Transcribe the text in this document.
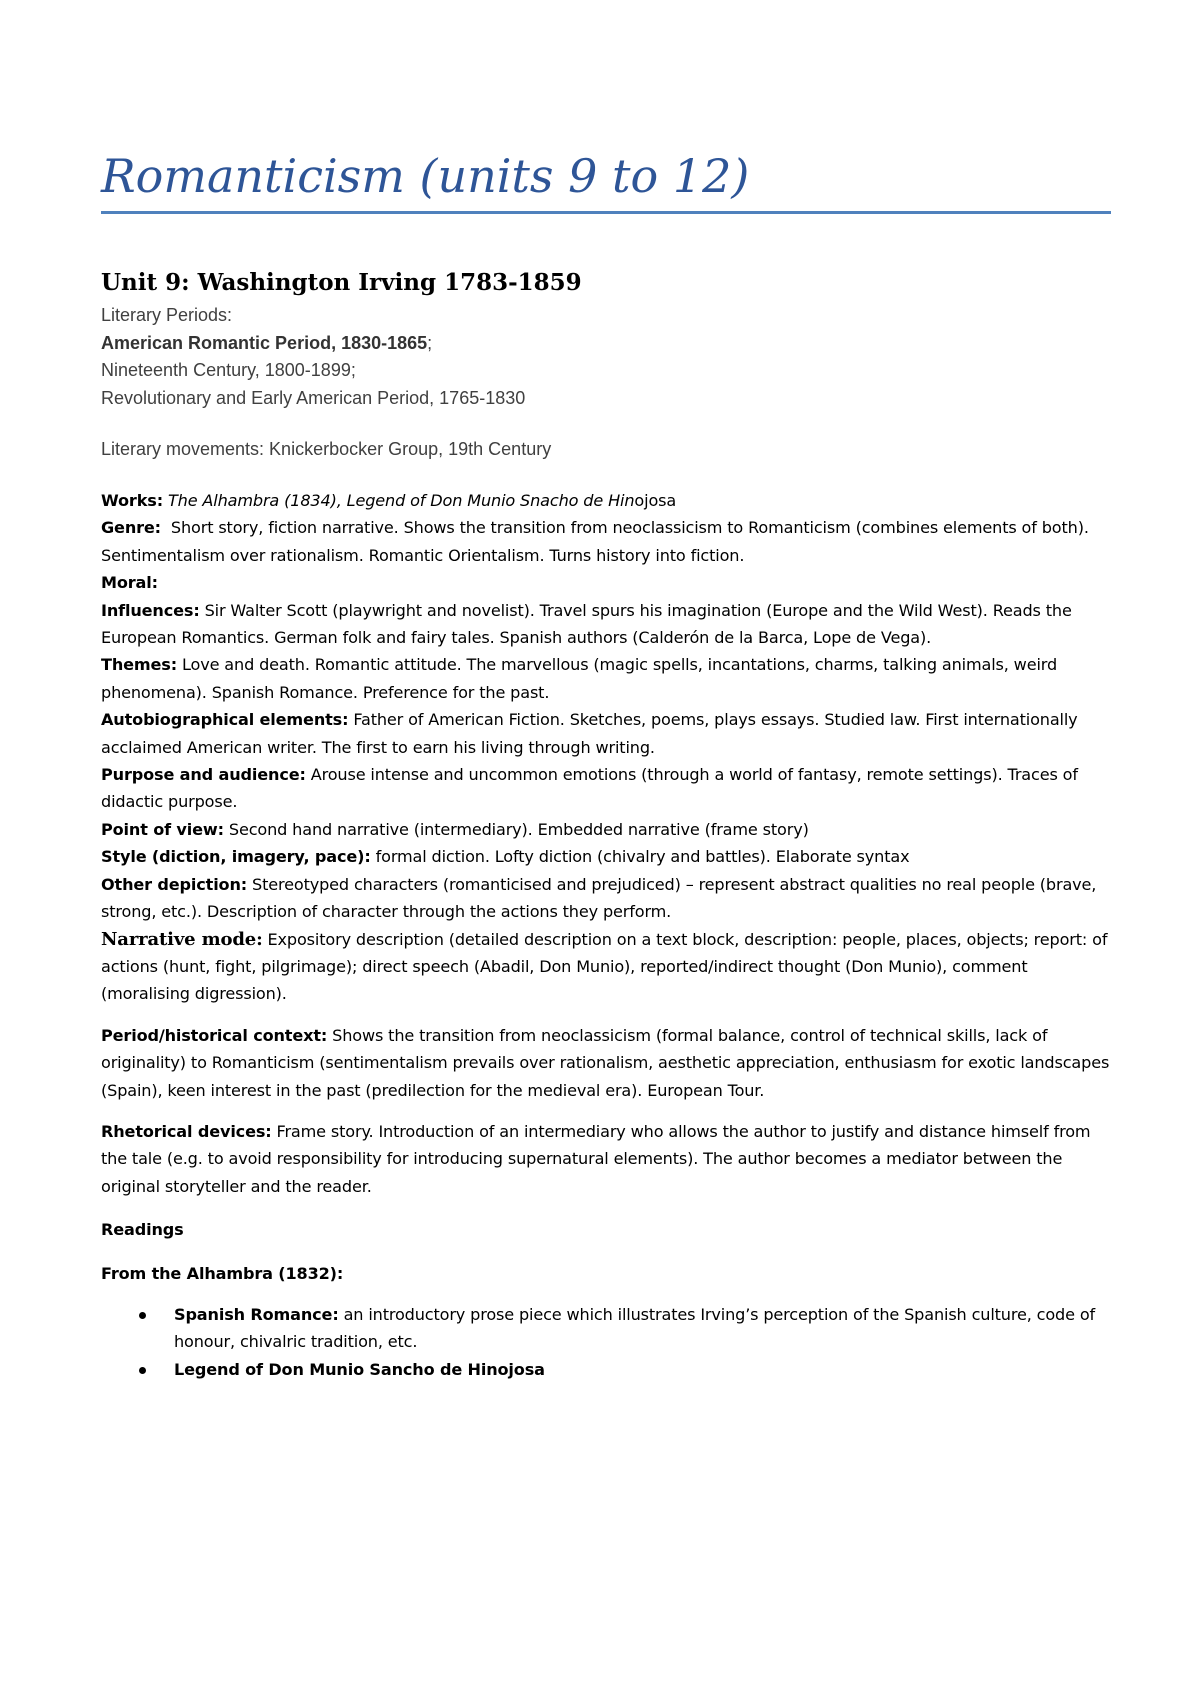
Romanticism (units 9 to 12)
Unit 9: Washington Irving 1783-1859
Literary Periods:
American Romantic Period, 1830-1865;
Nineteenth Century, 1800-1899;
Revolutionary and Early American Period, 1765-1830
Literary movements: Knickerbocker Group, 19th Century

Works: The Alhambra (1834), Legend of Don Munio Snacho de Hinojosa

Genre: Short story, fiction narrative. Shows the transition from neoclassicism to Romanticism (combines elements of both). Sentimentalism over rationalism. Romantic Orientalism. Turns history into fiction.

Moral:

Influences: Sir Walter Scott (playwright and novelist). Travel spurs his imagination (Europe and the Wild West). Reads the European Romantics. German folk and fairy tales. Spanish authors (Calderón de la Barca, Lope de Vega).

Themes: Love and death. Romantic attitude. The marvellous (magic spells, incantations, charms, talking animals, weird phenomena). Spanish Romance. Preference for the past.

Autobiographical elements: Father of American Fiction. Sketches, poems, plays essays. Studied law. First internationally acclaimed American writer. The first to earn his living through writing.

Purpose and audience: Arouse intense and uncommon emotions (through a world of fantasy, remote settings). Traces of didactic purpose.

Point of view: Second hand narrative (intermediary). Embedded narrative (frame story)

Style (diction, imagery, pace): formal diction. Lofty diction (chivalry and battles). Elaborate syntax

Other depiction: Stereotyped characters (romanticised and prejudiced) – represent abstract qualities no real people (brave, strong, etc.). Description of character through the actions they perform.

Narrative mode: Expository description (detailed description on a text block, description: people, places, objects; report: of actions (hunt, fight, pilgrimage); direct speech (Abadil, Don Munio), reported/indirect thought (Don Munio), comment (moralising digression).

Period/historical context: Shows the transition from neoclassicism (formal balance, control of technical skills, lack of originality) to Romanticism (sentimentalism prevails over rationalism, aesthetic appreciation, enthusiasm for exotic landscapes (Spain), keen interest in the past (predilection for the medieval era). European Tour.

Rhetorical devices: Frame story. Introduction of an intermediary who allows the author to justify and distance himself from the tale (e.g. to avoid responsibility for introducing supernatural elements). The author becomes a mediator between the original storyteller and the reader.

Readings

From the Alhambra (1832):

Spanish Romance: an introductory prose piece which illustrates Irving’s perception of the Spanish culture, code of honour, chivalric tradition, etc.
Legend of Don Munio Sancho de Hinojosa
